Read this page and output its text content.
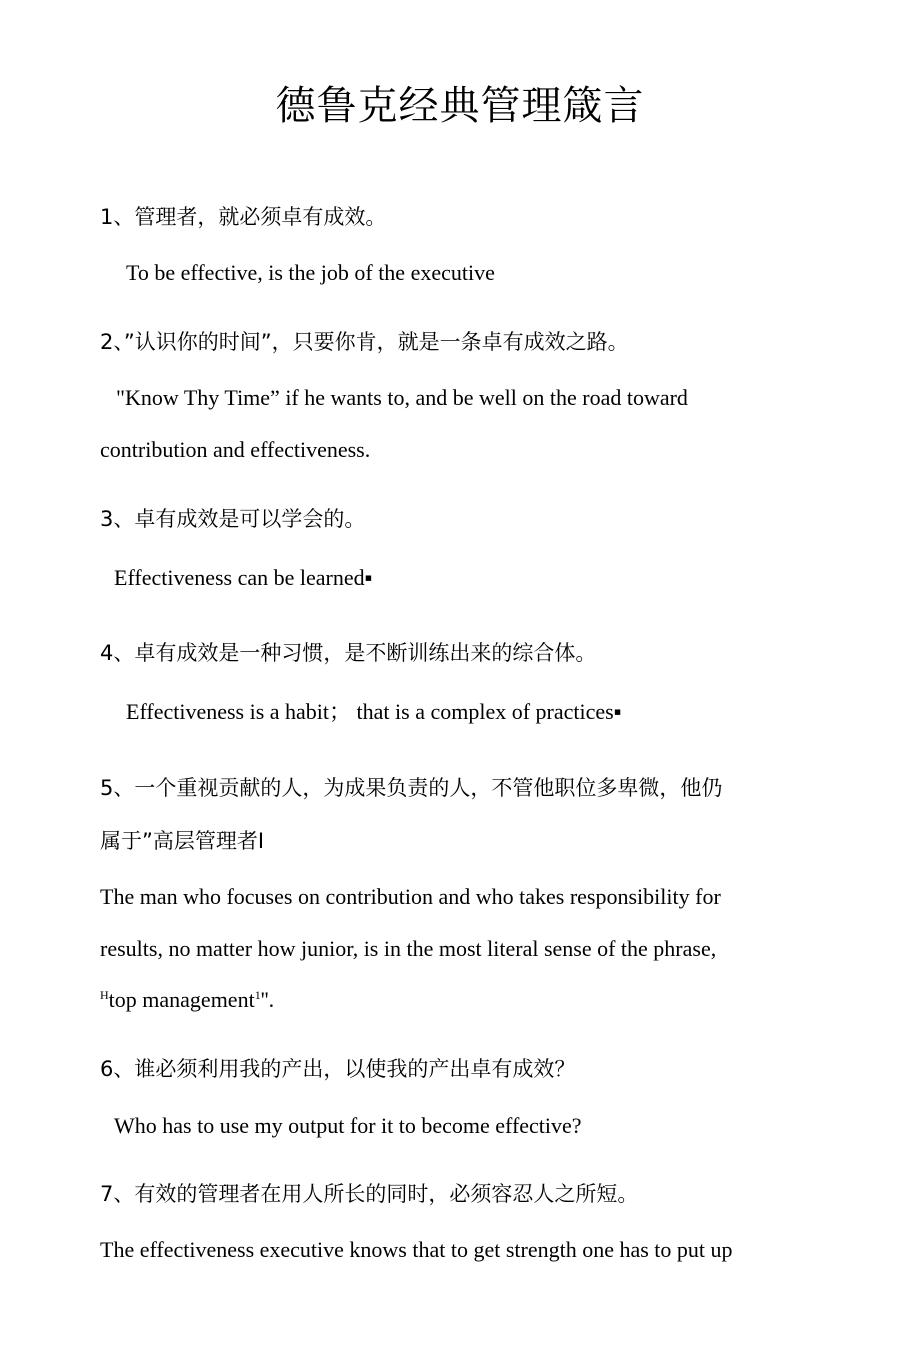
德鲁克经典管理箴言
1、管理者，就必须卓有成效。
To be effective, is the job of the executive
2、”认识你的时间”，只要你肯，就是一条卓有成效之路。
"Know Thy Time” if he wants to, and be well on the road toward
contribution and effectiveness.
3、卓有成效是可以学会的。
Effectiveness can be learned▪
4、卓有成效是一种习惯，是不断训练出来的综合体。
Effectiveness is a habit； that is a complex of practices▪
5、一个重视贡献的人，为成果负责的人，不管他职位多卑微，他仍
属于”高层管理者I
The man who focuses on contribution and who takes responsibility for
results, no matter how junior, is in the most literal sense of the phrase,
$^H$top management$^1$''.
6、谁必须利用我的产出，以使我的产出卓有成效？
Who has to use my output for it to become effective?
7、有效的管理者在用人所长的同时，必须容忍人之所短。
The effectiveness executive knows that to get strength one has to put up
